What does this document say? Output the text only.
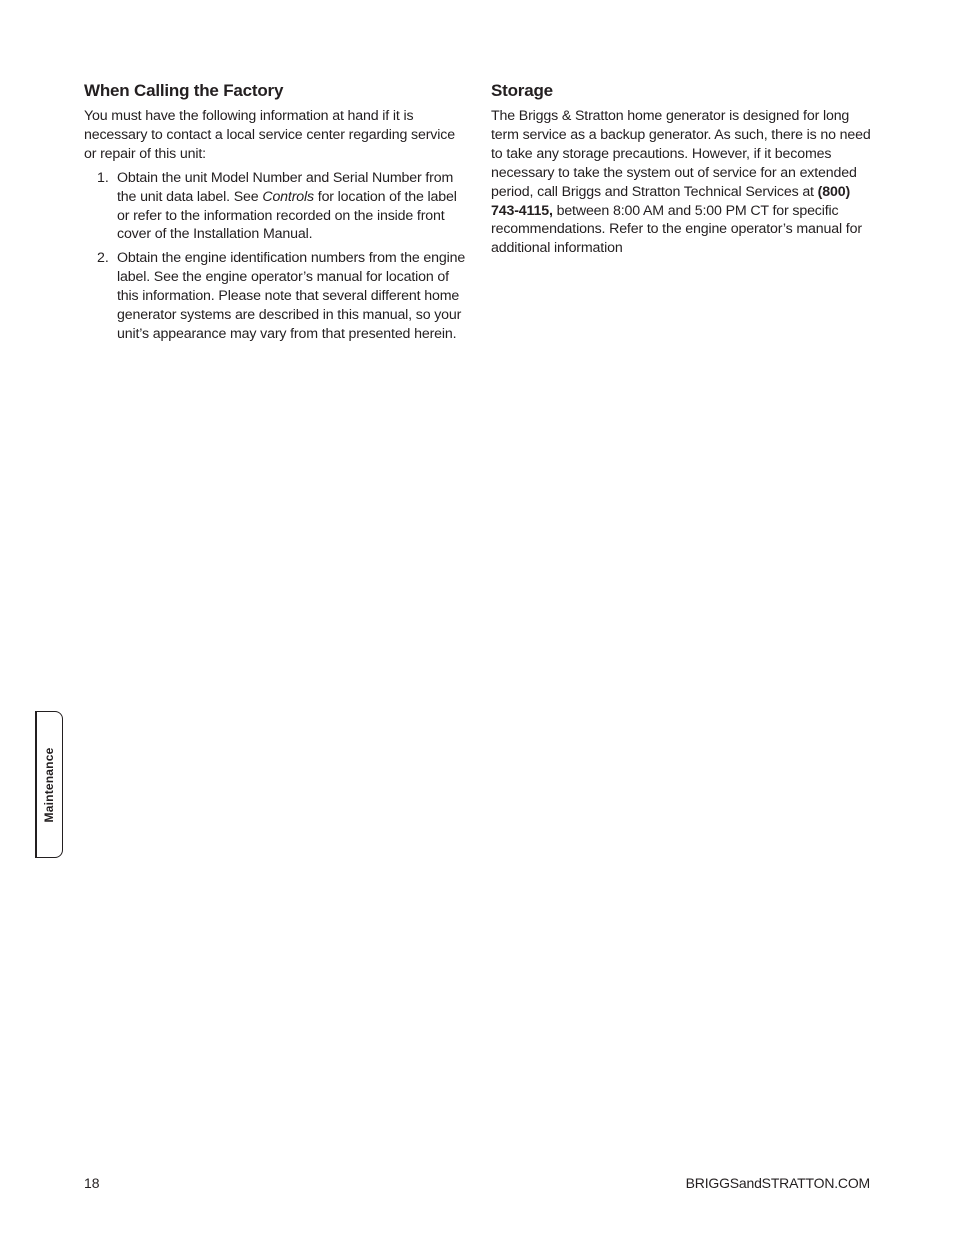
When Calling the Factory

You must have the following information at hand if it is necessary to contact a local service center regarding service or repair of this unit:

1. Obtain the unit Model Number and Serial Number from the unit data label. See Controls for location of the label or refer to the information recorded on the inside front cover of the Installation Manual.

2. Obtain the engine identification numbers from the engine label. See the engine operator’s manual for location of this information. Please note that several different home generator systems are described in this manual, so your unit’s appearance may vary from that presented herein.

Storage

The Briggs & Stratton home generator is designed for long term service as a backup generator. As such, there is no need to take any storage precautions. However, if it becomes necessary to take the system out of service for an extended period, call Briggs and Stratton Technical Services at (800) 743-4115, between 8:00 AM and 5:00 PM CT for specific recommendations. Refer to the engine operator’s manual for additional information

Maintenance
18	BRIGGSandSTRATTON.COM
